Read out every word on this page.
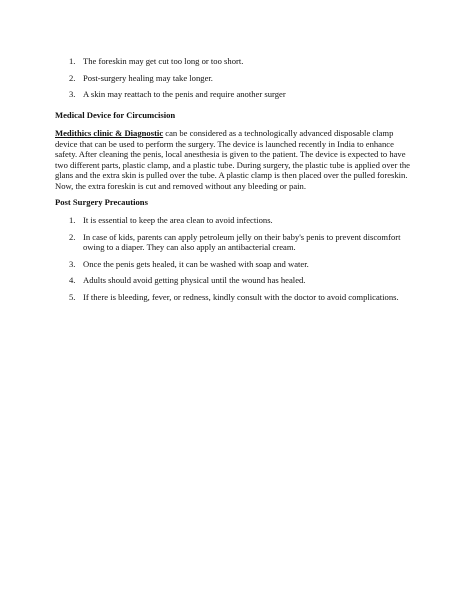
1. The foreskin may get cut too long or too short.
2. Post-surgery healing may take longer.
3. A skin may reattach to the penis and require another surger
Medical Device for Circumcision
Medithics clinic & Diagnostic can be considered as a technologically advanced disposable clamp device that can be used to perform the surgery. The device is launched recently in India to enhance safety. After cleaning the penis, local anesthesia is given to the patient. The device is expected to have two different parts, plastic clamp, and a plastic tube. During surgery, the plastic tube is applied over the glans and the extra skin is pulled over the tube. A plastic clamp is then placed over the pulled foreskin. Now, the extra foreskin is cut and removed without any bleeding or pain.
Post Surgery Precautions
1. It is essential to keep the area clean to avoid infections.
2. In case of kids, parents can apply petroleum jelly on their baby's penis to prevent discomfort owing to a diaper. They can also apply an antibacterial cream.
3. Once the penis gets healed, it can be washed with soap and water.
4. Adults should avoid getting physical until the wound has healed.
5. If there is bleeding, fever, or redness, kindly consult with the doctor to avoid complications.
